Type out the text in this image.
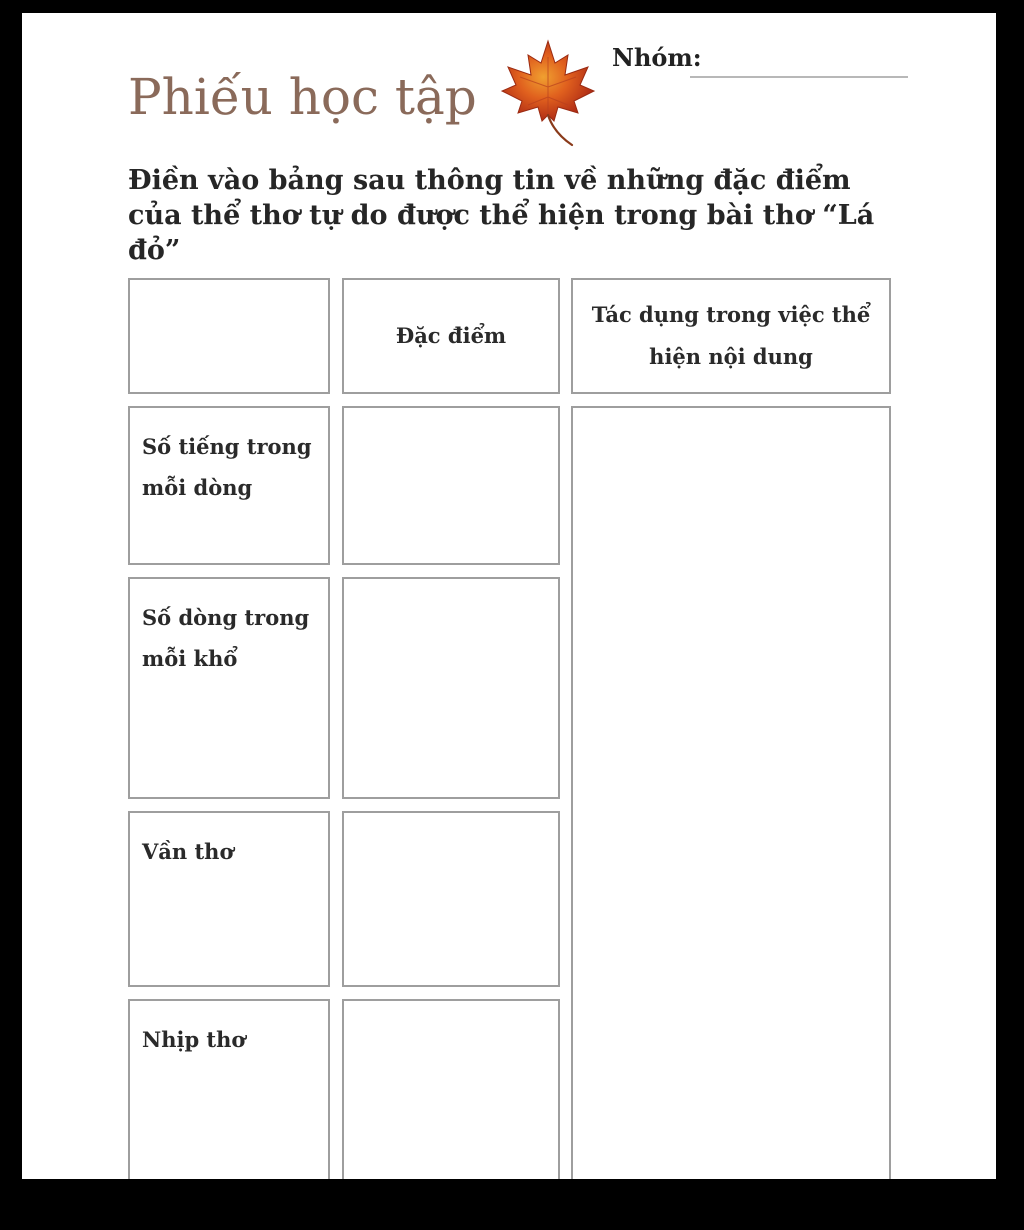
Phiếu học tập
Nhóm:
Điền vào bảng sau thông tin về những đặc điểm của thể thơ tự do được thể hiện trong bài thơ “Lá đỏ”
Đặc điểm
Tác dụng trong việc thể hiện nội dung
Số tiếng trong mỗi dòng
Số dòng trong mỗi khổ
Vần thơ
Nhịp thơ
